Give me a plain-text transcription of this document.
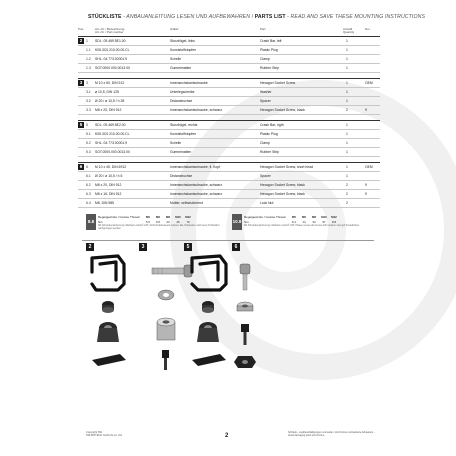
STÜCKLISTE - ANBAUANLEITUNG LESEN UND AUFBEWAHREN / PARTS LIST - READ AND SAVE THESE MOUNTING INSTRUCTIONS
Pos.	Art.-Nr. / Bezeichnung
Art.-Nr. / Part number
Artikel	Part	Anzahl
Quantity
Nm
2	1 SDL. 09.469.5E1.00	Sturzbügel, links	Crash Bar, left	1
1.1 K05.3C0.210.00.00.CL	Kunststoffstopfen	Plastic Plug	1
1.2 SHL. 04.773.00001.9	Schelle	Clamp	1
1.3 SGT.0000.000.0013.00	Gummimatten	Rubber Strip	1
3	3 M 10 x 60, DIN 912	Innensechskantschraube	Hexagon Socket Screw	1	OEM
3.1 ø 10,5, DIN 125	Unterlegscheibe	Washer	1
3.2 Ø 20 / ø 10,5 / h 28	Distanzbuchse	Spacer	1
3.3 M6 x 20, DIN 912	Innensechskantschraube, schwarz	Hexagon Socket Screw, black	2	9
5	5 SDL. 09.469.5E2.00	Sturzbügel, rechts	Crash Bar, right	1
5.1 K05.3C0.210.00.00.CL	Kunststoffstopfen	Plastic Plug	1
5.2 SHL. 04.773.00001.9	Schelle	Clamp	1
5.3 SGT.0000.000.0013.00	Gummimatten	Rubber Strip	1
6	6 M 10 x 45, DIN 6912	Innensechskantschraube, fl. Kopf	Hexagon Socket Screw, short head	1	OEM
6.1 Ø 20 / ø 10,5 / h 6	Distanzbuchse	Spacer	1
6.2 M6 x 20, DIN 912	Innensechskantschraube, schwarz	Hexagon Socket Screw, black	2	9
6.3 M6 x 16, DIN 912	Innensechskantschraube, schwarz	Hexagon Socket Screw, black	2	9
6.4 M6, DIN 985	Mutter, selbstsichernd	Lock Nut	2
8.8
Regelgewinde / Coarse Thread
Nm
M5
5,5
M6
9,5
M8
23
M10
46
M12
79
Mit Schraubensicherung mittelfest Loctite® 243. Sicherheitsbewusst müssen alle Schrauben nach einer Probefahrt nachgezogen werden.
10.9
Regelgewinde / Coarse Thread
Nm
M5
8,1
M6
14
M8
34
M10
67
M12
115
Mit Schraubensicherung mittelfest Loctite® 243. Please secure all screws with medium strength threadlocker.
2	3	5	6
Copyright SW
SW-MOTECH GmbH & Co. KG	2
Schräub-, Lackbeschädigungen vermeiden. Verchromte und lackierte Anbauteile ...
Avoid damaging paint and chrome.
